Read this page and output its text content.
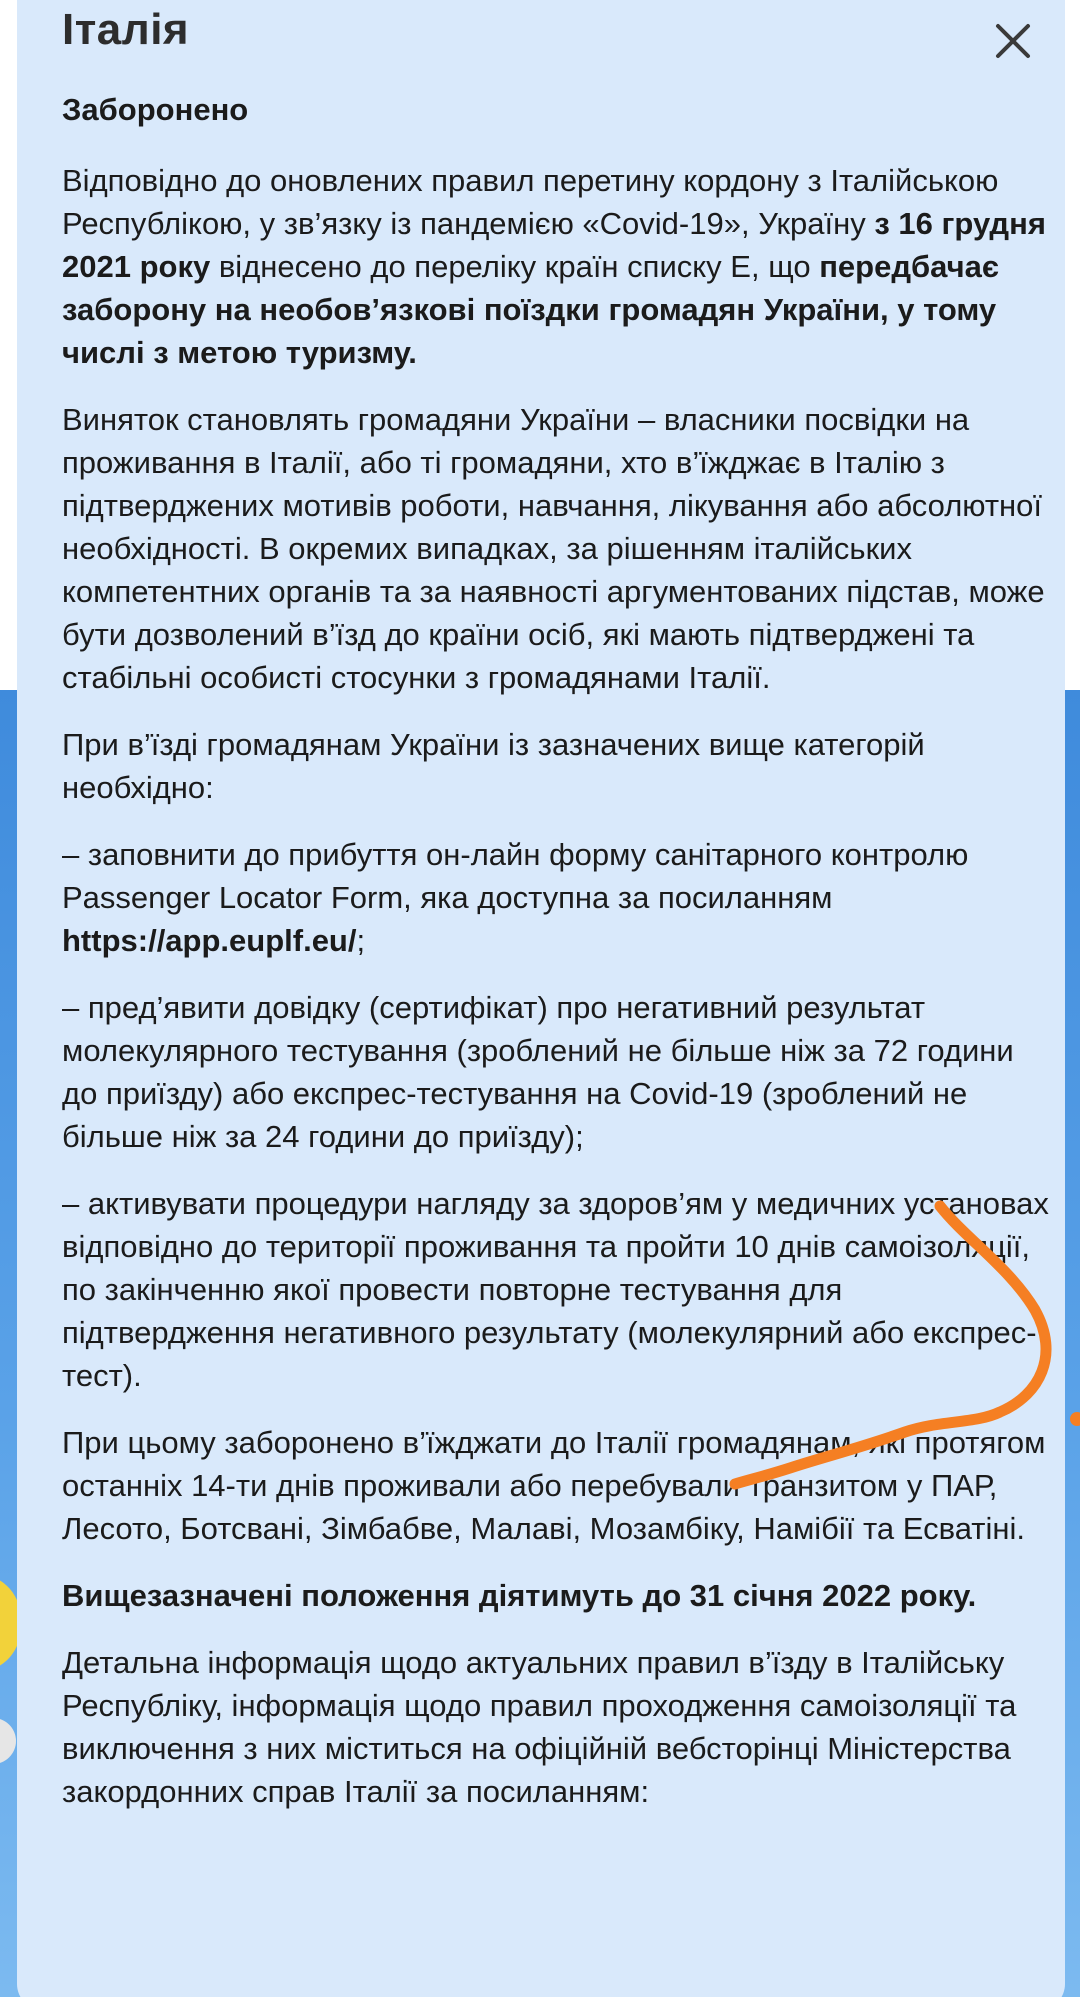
Італія
Заборонено

Відповідно до оновлених правил перетину кордону з Італійською Республікою, у зв’язку із пандемією «Covid-19», Україну з 16 грудня 2021 року віднесено до переліку країн списку Е, що передбачає заборону на необов’язкові поїздки громадян України, у тому числі з метою туризму.

Виняток становлять громадяни України – власники посвідки на проживання в Італії, або ті громадяни, хто в’їжджає в Італію з підтверджених мотивів роботи, навчання, лікування або абсолютної необхідності. В окремих випадках, за рішенням італійських компетентних органів та за наявності аргументованих підстав, може бути дозволений в’їзд до країни осіб, які мають підтверджені та стабільні особисті стосунки з громадянами Італії.

При в’їзді громадянам України із зазначених вище категорій необхідно:

– заповнити до прибуття он-лайн форму санітарного контролю Passenger Locator Form, яка доступна за посиланням https://app.euplf.eu/;

– пред’явити довідку (сертифікат) про негативний результат молекулярного тестування (зроблений не більше ніж за 72 години до приїзду) або експрес-тестування на Covid-19 (зроблений не більше ніж за 24 години до приїзду);

– активувати процедури нагляду за здоров’ям у медичних установах відповідно до території проживання та пройти 10 днів самоізоляції, по закінченню якої провести повторне тестування для підтвердження негативного результату (молекулярний або експрес-тест).

При цьому заборонено в’їжджати до Італії громадянам, які протягом останніх 14-ти днів проживали або перебували транзитом у ПАР, Лесото, Ботсвані, Зімбабве, Малаві, Мозамбіку, Намібії та Есватіні.

Вищезазначені положення діятимуть до 31 січня 2022 року.

Детальна інформація щодо актуальних правил в’їзду в Італійську Республіку, інформація щодо правил проходження самоізоляції та виключення з них міститься на офіційній вебсторінці Міністерства закордонних справ Італії за посиланням:
